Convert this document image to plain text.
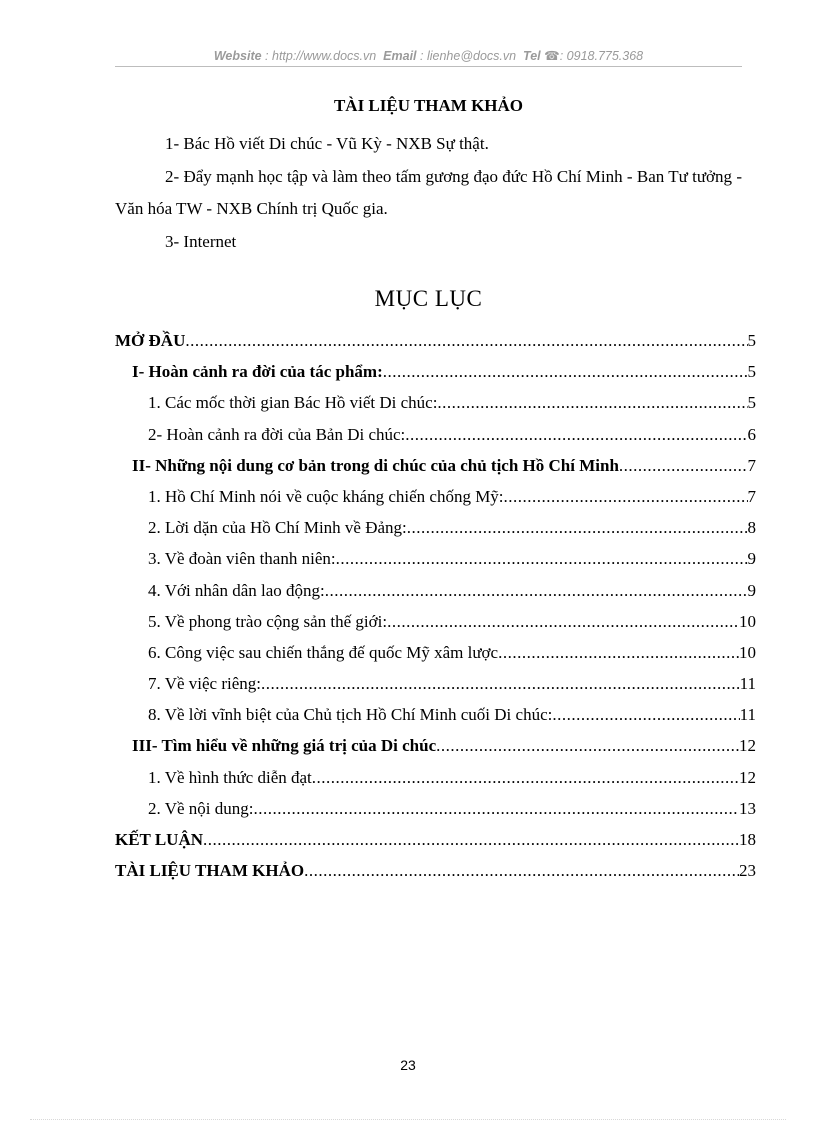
Website : http://www.docs.vn Email : lienhe@docs.vn Tel ☎: 0918.775.368
TÀI LIỆU THAM KHẢO

1- Bác Hồ viết Di chúc - Vũ Kỳ - NXB Sự thật.

2- Đẩy mạnh học tập và làm theo tấm gương đạo đức Hồ Chí Minh - Ban Tư tưởng - Văn hóa TW - NXB Chính trị Quốc gia.

3- Internet

MỤC LỤC
MỞ ĐẦU .....	5
I- Hoàn cảnh ra đời của tác phẩm: .....	5
1. Các mốc thời gian Bác Hồ viết Di chúc: .....	5
2- Hoàn cảnh ra đời của Bản Di chúc: .....	6
II- Những nội dung cơ bản trong di chúc của chủ tịch Hồ Chí Minh .....	7
1. Hồ Chí Minh nói về cuộc kháng chiến chống Mỹ: .....	7
2. Lời dặn của Hồ Chí Minh về Đảng: .....	8
3. Về đoàn viên thanh niên: .....	9
4. Với nhân dân lao động: .....	9
5. Về phong trào cộng sản thế giới: .....	10
6. Công việc sau chiến thắng đế quốc Mỹ xâm lược .....	10
7. Về việc riêng: .....	11
8. Về lời vĩnh biệt của Chủ tịch Hồ Chí Minh cuối Di chúc: .....	11
III- Tìm hiểu về những giá trị của Di chúc .....	12
1. Về hình thức diễn đạt .....	12
2. Về nội dung: .....	13
KẾT LUẬN .....	18
TÀI LIỆU THAM KHẢO .....	23
23
